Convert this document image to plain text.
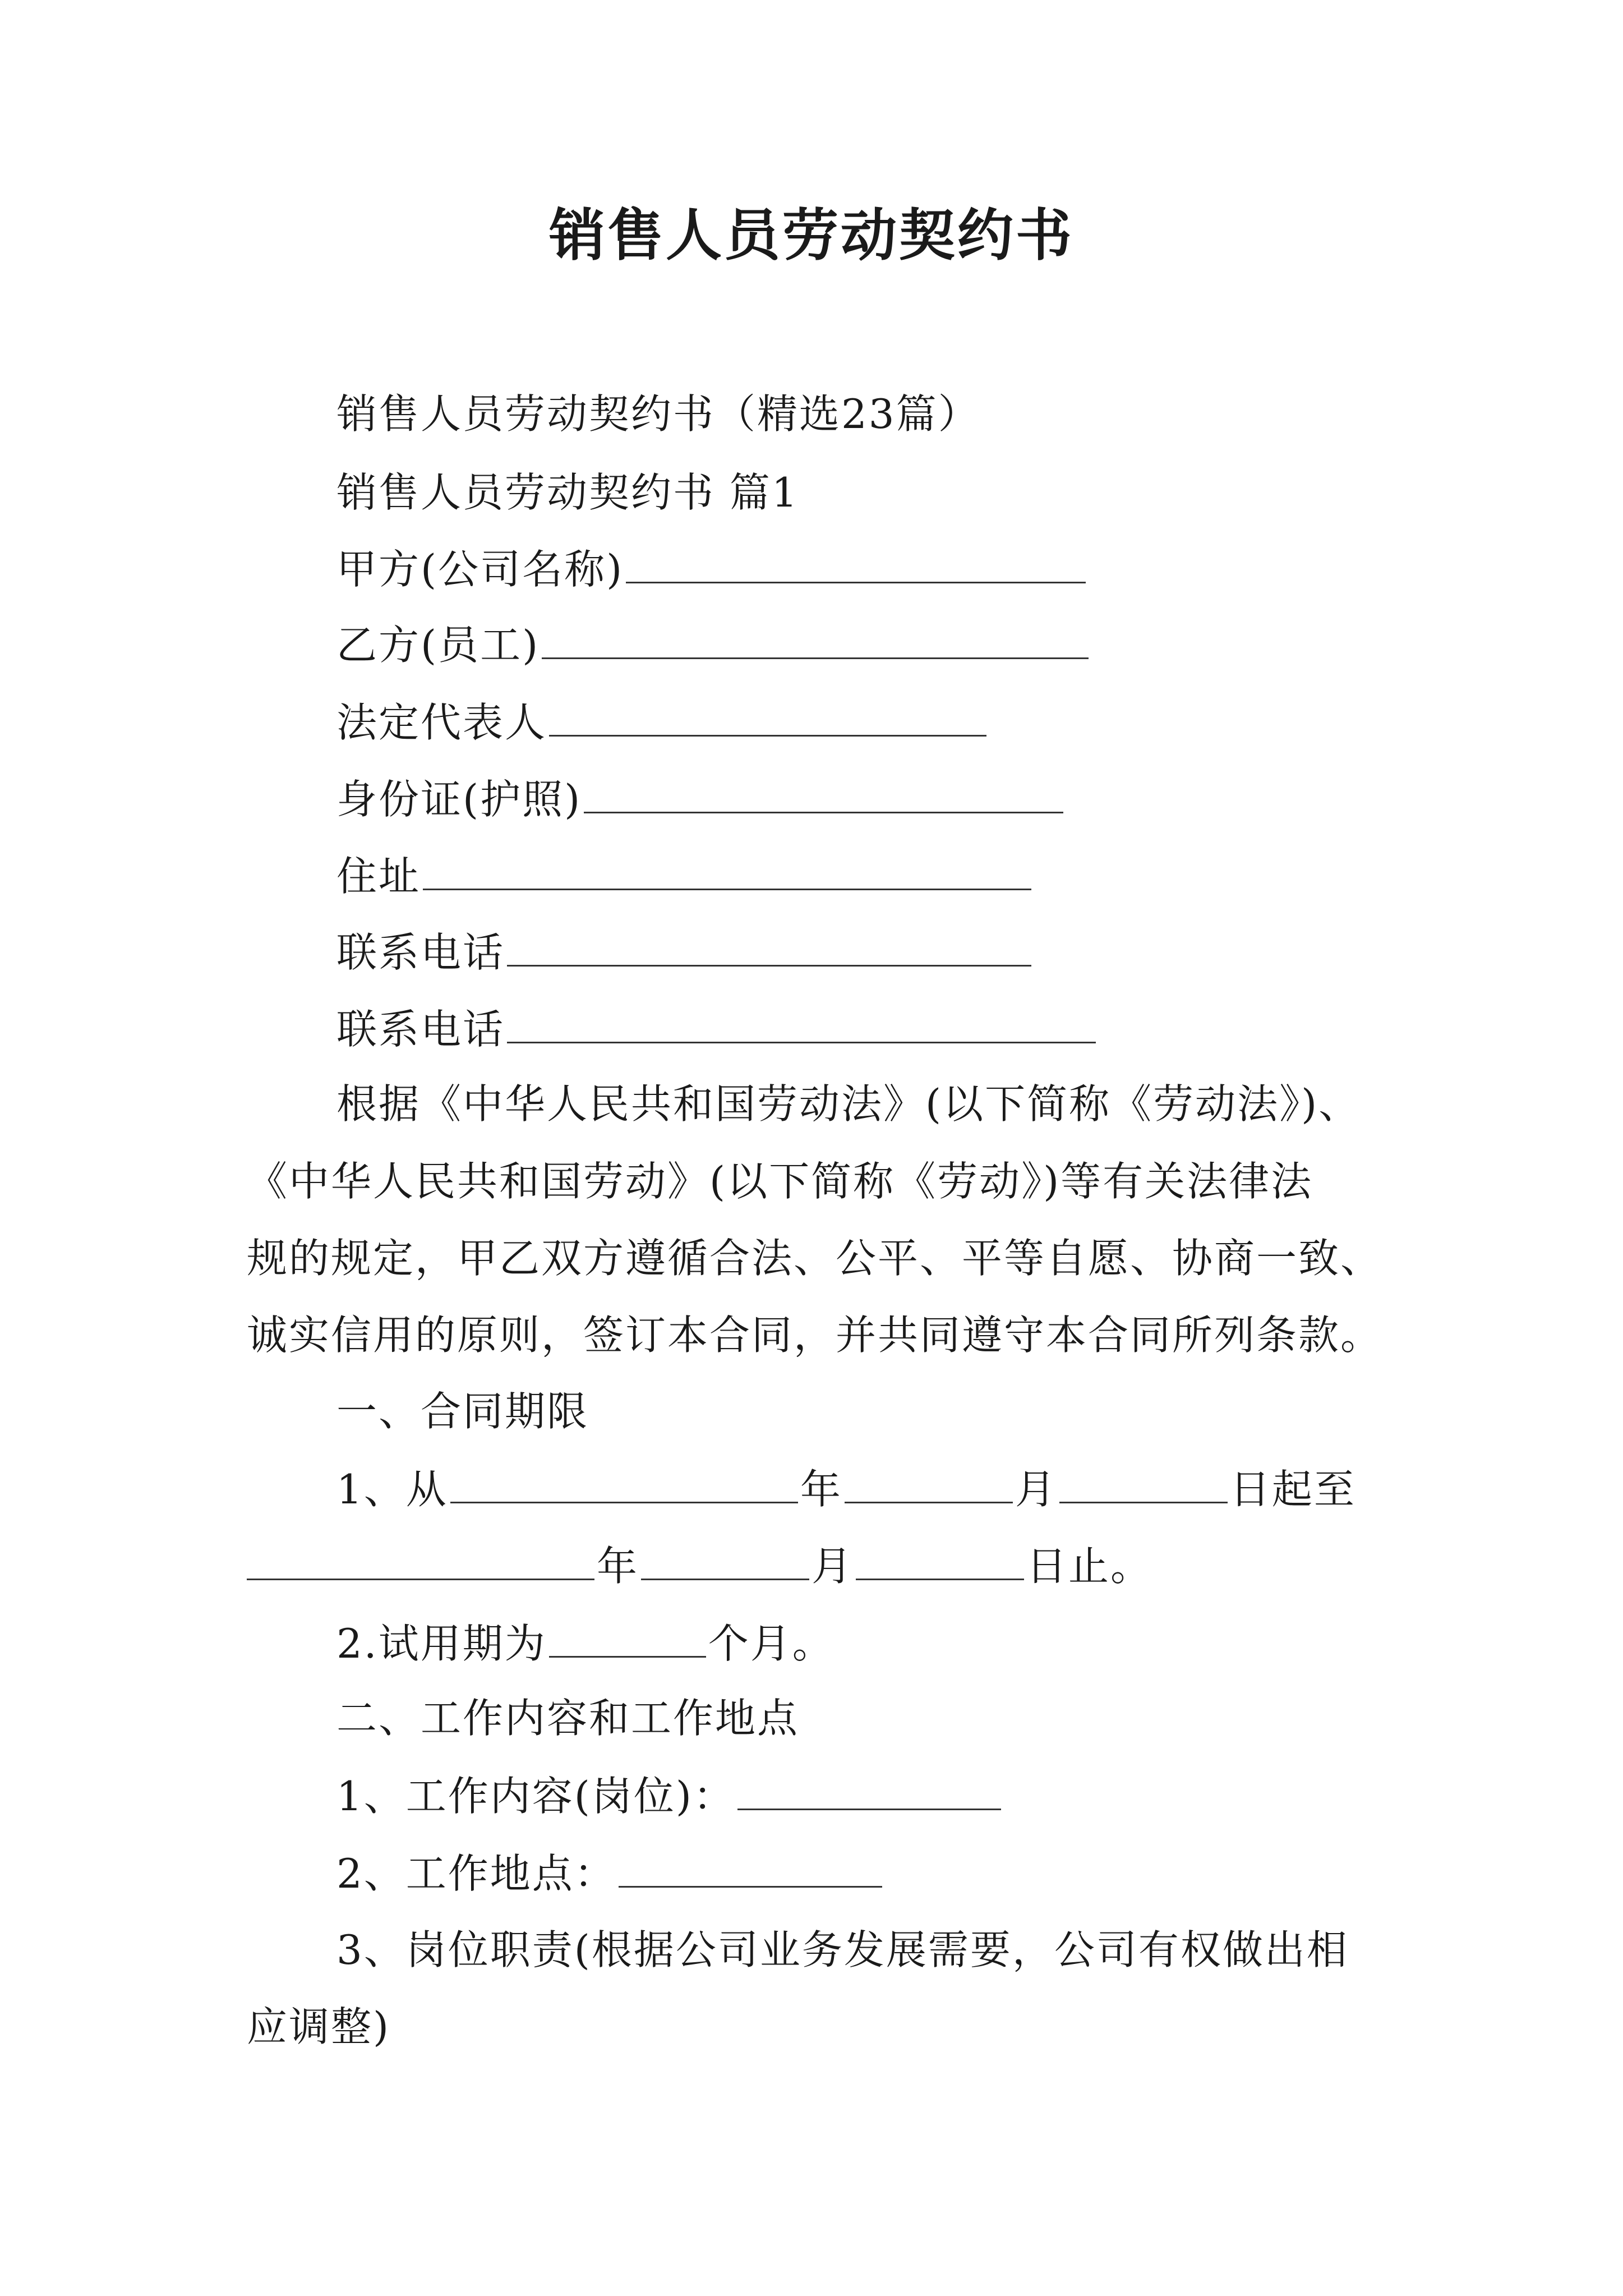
销售人员劳动契约书
销售人员劳动契约书（精选23篇）
销售人员劳动契约书 篇1
甲方(公司名称)
乙方(员工)
法定代表人
身份证(护照)
住址
联系电话
联系电话
根据《中华人民共和国劳动法》(以下简称《劳动法》)、
《中华人民共和国劳动》(以下简称《劳动》)等有关法律法
规的规定，甲乙双方遵循合法、公平、平等自愿、协商一致、
诚实信用的原则，签订本合同，并共同遵守本合同所列条款。
一、合同期限
1、从	年	月	日起至
年	月	日止。
2.试用期为	个月。
二、工作内容和工作地点
1、工作内容(岗位)：
2、工作地点：
3、岗位职责(根据公司业务发展需要，公司有权做出相
应调整)
